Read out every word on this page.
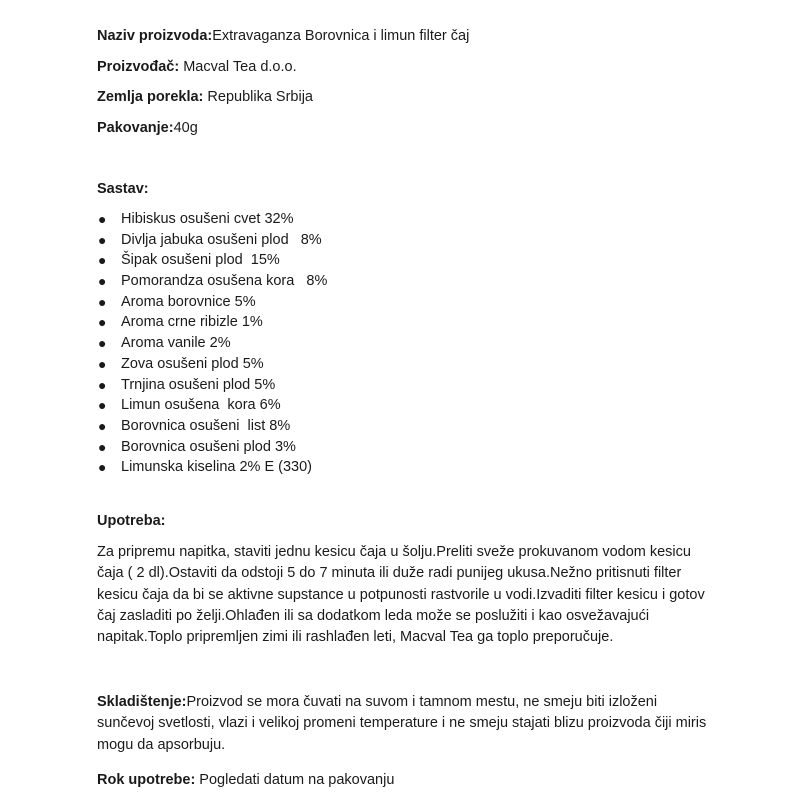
Naziv proizvoda:Extravaganza Borovnica i limun filter čaj
Proizvođač: Macval Tea d.o.o.
Zemlja porekla: Republika Srbija
Pakovanje:40g
Sastav:
● Hibiskus osušeni cvet 32%
● Divlja jabuka osušeni plod   8%
● Šipak osušeni plod  15%
● Pomorandza osušena kora   8%
● Aroma borovnice 5%
● Aroma crne ribizle 1%
● Aroma vanile 2%
● Zova osušeni plod 5%
● Trnjina osušeni plod 5%
● Limun osušena  kora 6%
● Borovnica osušeni  list 8%
● Borovnica osušeni plod 3%
● Limunska kiselina 2% E (330)
Upotreba:

Za pripremu napitka, staviti jednu kesicu čaja u šolju.Preliti sveže prokuvanom vodom kesicu čaja ( 2 dl).Ostaviti da odstoji 5 do 7 minuta ili duže radi punijeg ukusa.Nežno pritisnuti filter kesicu čaja da bi se aktivne supstance u potpunosti rastvorile u vodi.Izvaditi filter kesicu i gotov čaj zasladiti po želji.Ohlađen ili sa dodatkom leda može se poslužiti i kao osvežavajući napitak.Toplo pripremljen zimi ili rashlađen leti, Macval Tea ga toplo preporučuje.

Skladištenje:Proizvod se mora čuvati na suvom i tamnom mestu, ne smeju biti izloženi sunčevoj svetlosti, vlazi i velikoj promeni temperature i ne smeju stajati blizu proizvoda čiji miris mogu da apsorbuju.

Rok upotrebe: Pogledati datum na pakovanju
